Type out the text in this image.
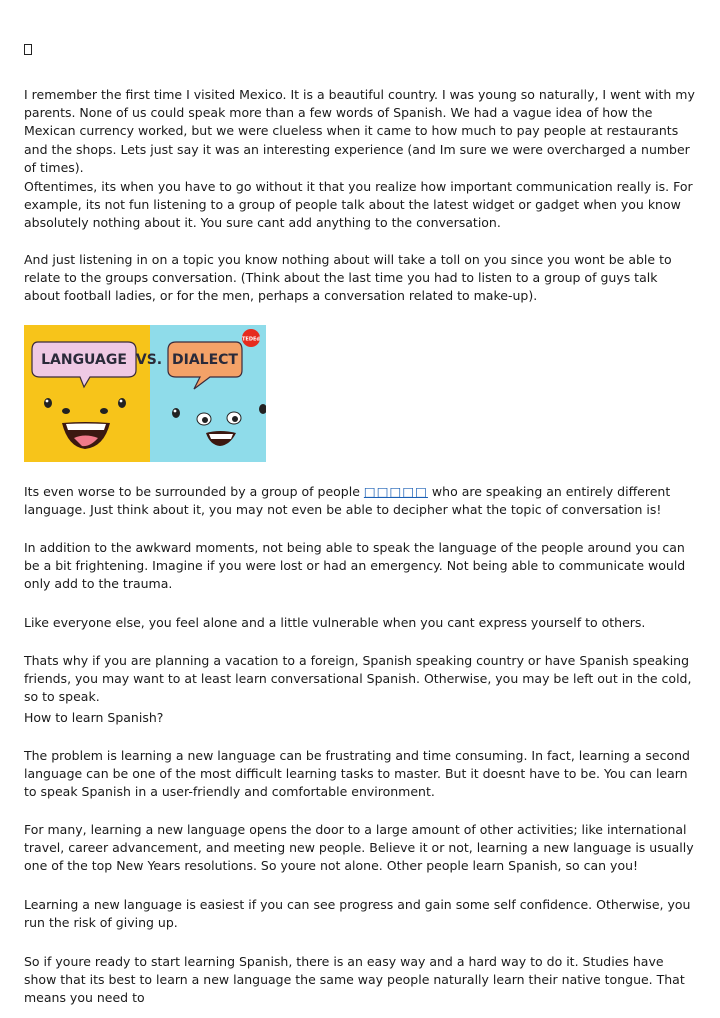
I remember the first time I visited Mexico. It is a beautiful country. I was young so naturally, I went with my parents. None of us could speak more than a few words of Spanish. We had a vague idea of how the Mexican currency worked, but we were clueless when it came to how much to pay people at restaurants and the shops. Lets just say it was an interesting experience (and Im sure we were overcharged a number of times).

Oftentimes, its when you have to go without it that you realize how important communication really is. For example, its not fun listening to a group of people talk about the latest widget or gadget when you know absolutely nothing about it. You sure cant add anything to the conversation.

And just listening in on a topic you know nothing about will take a toll on you since you wont be able to relate to the groups conversation. (Think about the last time you had to listen to a group of guys talk about football ladies, or for the men, perhaps a conversation related to make-up).

LANGUAGE VS. DIALECT
TEDEd

Its even worse to be surrounded by a group of people □□□□□ who are speaking an entirely different language. Just think about it, you may not even be able to decipher what the topic of conversation is!

In addition to the awkward moments, not being able to speak the language of the people around you can be a bit frightening. Imagine if you were lost or had an emergency. Not being able to communicate would only add to the trauma.

Like everyone else, you feel alone and a little vulnerable when you cant express yourself to others.

Thats why if you are planning a vacation to a foreign, Spanish speaking country or have Spanish speaking friends, you may want to at least learn conversational Spanish. Otherwise, you may be left out in the cold, so to speak.

How to learn Spanish?

The problem is learning a new language can be frustrating and time consuming. In fact, learning a second language can be one of the most difficult learning tasks to master. But it doesnt have to be. You can learn to speak Spanish in a user-friendly and comfortable environment.

For many, learning a new language opens the door to a large amount of other activities; like international travel, career advancement, and meeting new people. Believe it or not, learning a new language is usually one of the top New Years resolutions. So youre not alone. Other people learn Spanish, so can you!

Learning a new language is easiest if you can see progress and gain some self confidence. Otherwise, you run the risk of giving up.

So if youre ready to start learning Spanish, there is an easy way and a hard way to do it. Studies have show that its best to learn a new language the same way people naturally learn their native tongue. That means you need to
